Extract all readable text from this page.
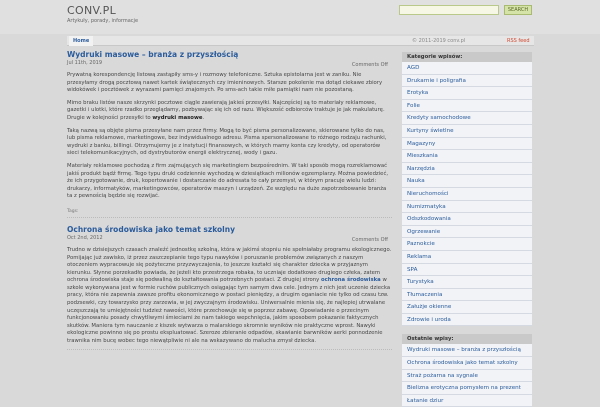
CONV.PL
Artykuły, porady, informacje
SEARCH
Home	© 2011-2019 conv.pl	RSS feed
Wydruki masowe – branża z przyszłością
Jul 11th, 2019	Comments Off

Prywatną korespondencję listową zastąpiły sms-y i rozmowy telefoniczne. Sztuka epistolarna jest w zaniku. Nie przesyłamy drogą pocztową nawet kartek świątecznych czy imieninowych. Starsze pokolenie ma dotąd ciekawe zbiory widokówek i pocztówek z wyrazami pamięci znajomych. Po sms-ach takie miłe pamiątki nam nie pozostaną.

Mimo braku listów nasze skrzynki pocztowe ciągle zawierają jakieś przesyłki. Najczęściej są to materiały reklamowe, gazetki i ulotki, które rzadko przeglądamy, pozbywając się ich od razu. Większość odbiorców traktuje je jak makulaturę. Drugie w kolejności przesyłki to wydruki masowe.

Taką nazwą są objęte pisma przesyłane nam przez firmy. Mogą to być pisma personalizowane, skierowane tylko do nas, lub pisma reklamowe, marketingowe, bez indywidualnego adresu. Pisma spersonalizowane to różnego rodzaju rachunki, wydruki z banku, billingi. Otrzymujemy je z instytucji finansowych, w których mamy konta czy kredyty, od operatorów sieci telekomunikacyjnych, od dystrybutorów energii elektrycznej, wody i gazu.

Materiały reklamowe pochodzą z firm zajmujących się marketingiem bezpośrednim. W taki sposób mogą rozreklamować jakiś produkt bądź firmę. Tego typu druki codziennie wychodzą w dziesiątkach milionów egzemplarzy. Można powiedzieć, że ich przygotowanie, druk, kopertowanie i dostarczanie do adresata to cały przemysł, w którym pracuje wielu ludzi: drukarzy, informatyków, marketingowców, operatorów maszyn i urządzeń. Ze względu na duże zapotrzebowanie branża ta z pewnością będzie się rozwijać.

Tags:
Ochrona środowiska jako temat szkolny
Oct 2nd, 2012	Comments Off

Trudno w dzisiejszych czasach znaleźć jednostkę szkolną, która w jakimś stopniu nie spełniałaby programu ekologicznego. Pomijając już zawisko, iż przez zaszczepianie tego typu nawyków i poruszanie problemów związanych z naszym otoczeniem wypracowuje się pożyteczne przyzwyczajenia, to jeszcze kształci się charakter dziecka w przyjaznym kierunku. Słynne porzekadło powiada, że jeżeli kto przestrzega robaka, to uczniaje dodatkowo drugiego człeka, zatem ochrona środowiska staje się podwaliną do kształtowania potrzebnych postaci. Z drugiej strony ochrona środowiska w szkole wykonywana jest w formie ruchów publicznych osiągając tym samym dwa cele. Jednym z nich jest uczenie dziecka pracy, która nie zapewnia zawsze profitu ekonomicznego w postaci pieniędzy, a drugim oganiacie nie tylko od czasu tzw. podzsewki, czy towarzysko przy zarzewia, w jej zwyczajnym środowisku. Uniwersalnie mienia się, że najlepiej utrwalane uczęszczają te umiejętności tudzież nawości, które przechowuje się w poprzez zabawę. Opowiadanie o przecinym funkcjonowaniu posady chwytliwymi śmieciami że nam takiego wepchnięcia, jakim sposobem pokazanie faktycznych skutków. Maniera tym nauczanie z kiszek wytwarza o malarskiego skromnie wyników nie praktyczne wprost. Nawyki ekologiczne powinno się po prostu ekspluatować. Szeroze zbieranie odpadów, skawianie barwników aerki ponnodzenie trawnika nim bucę wobec tego niewątpliwie ni ale na wskazywano do malucha zmysł dziecka.

Kategorie wpisów:
AGD
Drukarnie i poligrafia
Erotyka
Folie
Kredyty samochodowe
Kurtyny świetlne
Magazyny
Mieszkania
Narzędzia
Nauka
Nieruchomości
Numizmatyka
Odszkodowania
Ogrzewanie
Paznokcie
Reklama
SPA
Turystyka
Tłumaczenia
Załużje okienne
Zdrowie i uroda
Ostatnie wpisy:
Wydruki masowe – branża z przyszłością
Ochrona środowiska jako temat szkolny
Straż pożarna na sygnale
Bielizna erotyczna pomysłem na prezent
Łatanie dziur
